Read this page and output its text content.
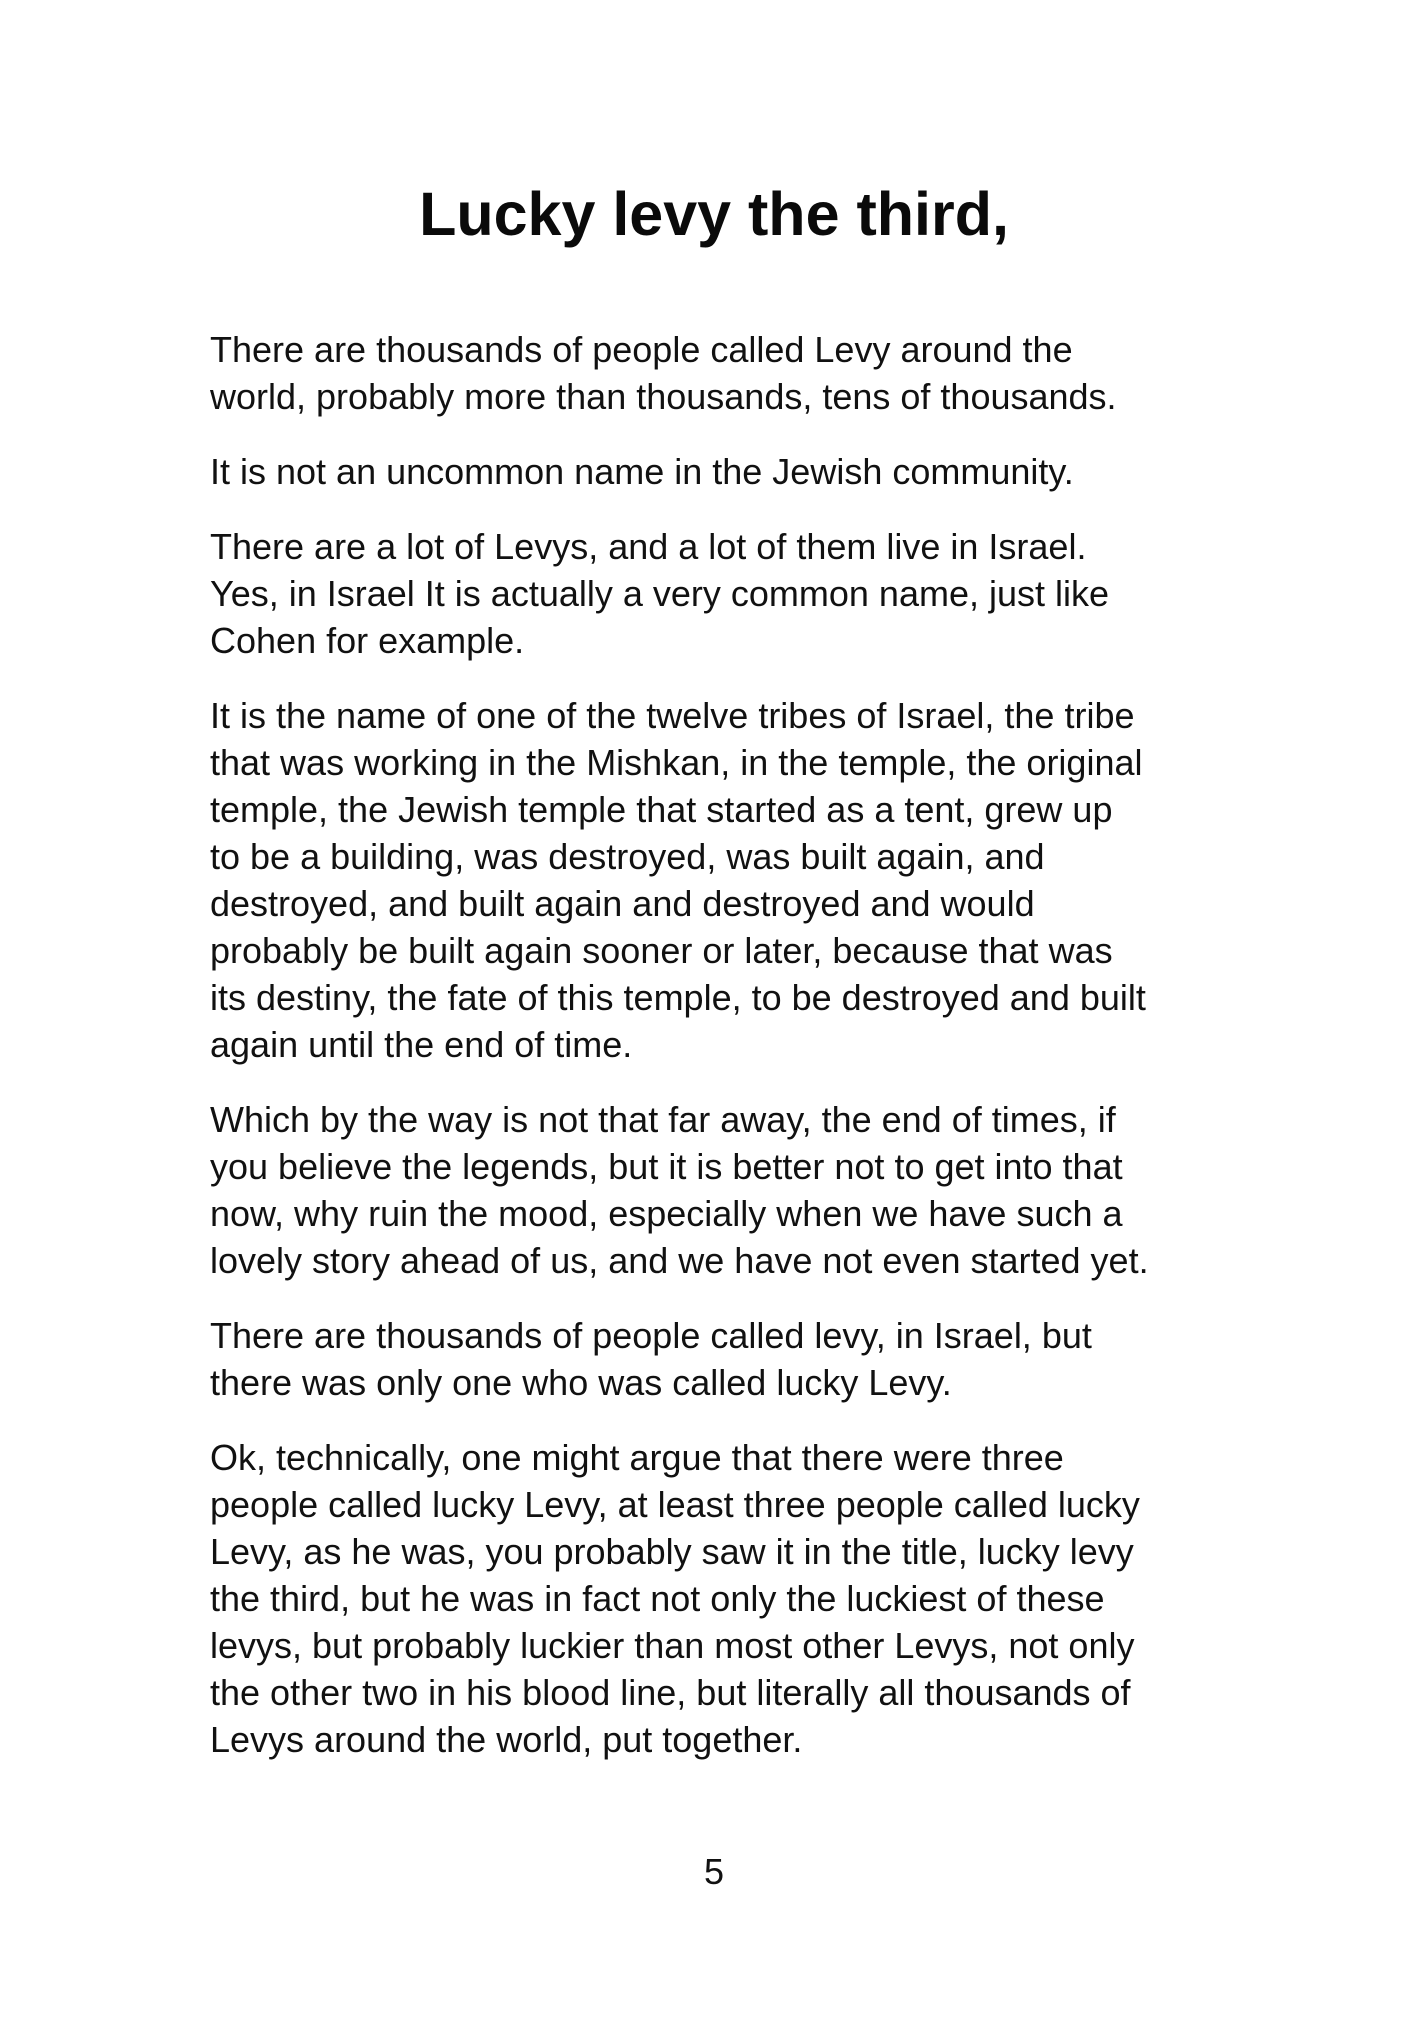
Lucky levy the third,

There are thousands of people called Levy around the
world, probably more than thousands, tens of thousands.

It is not an uncommon name in the Jewish community.

There are a lot of Levys, and a lot of them live in Israel.
Yes, in Israel It is actually a very common name, just like
Cohen for example.

It is the name of one of the twelve tribes of Israel, the tribe
that was working in the Mishkan, in the temple, the original
temple, the Jewish temple that started as a tent, grew up
to be a building, was destroyed, was built again, and
destroyed, and built again and destroyed and would
probably be built again sooner or later, because that was
its destiny, the fate of this temple, to be destroyed and built
again until the end of time.

Which by the way is not that far away, the end of times, if
you believe the legends, but it is better not to get into that
now, why ruin the mood, especially when we have such a
lovely story ahead of us, and we have not even started yet.

There are thousands of people called levy, in Israel, but
there was only one who was called lucky Levy.

Ok, technically, one might argue that there were three
people called lucky Levy, at least three people called lucky
Levy, as he was, you probably saw it in the title, lucky levy
the third, but he was in fact not only the luckiest of these
levys, but probably luckier than most other Levys, not only
the other two in his blood line, but literally all thousands of
Levys around the world, put together.

5
